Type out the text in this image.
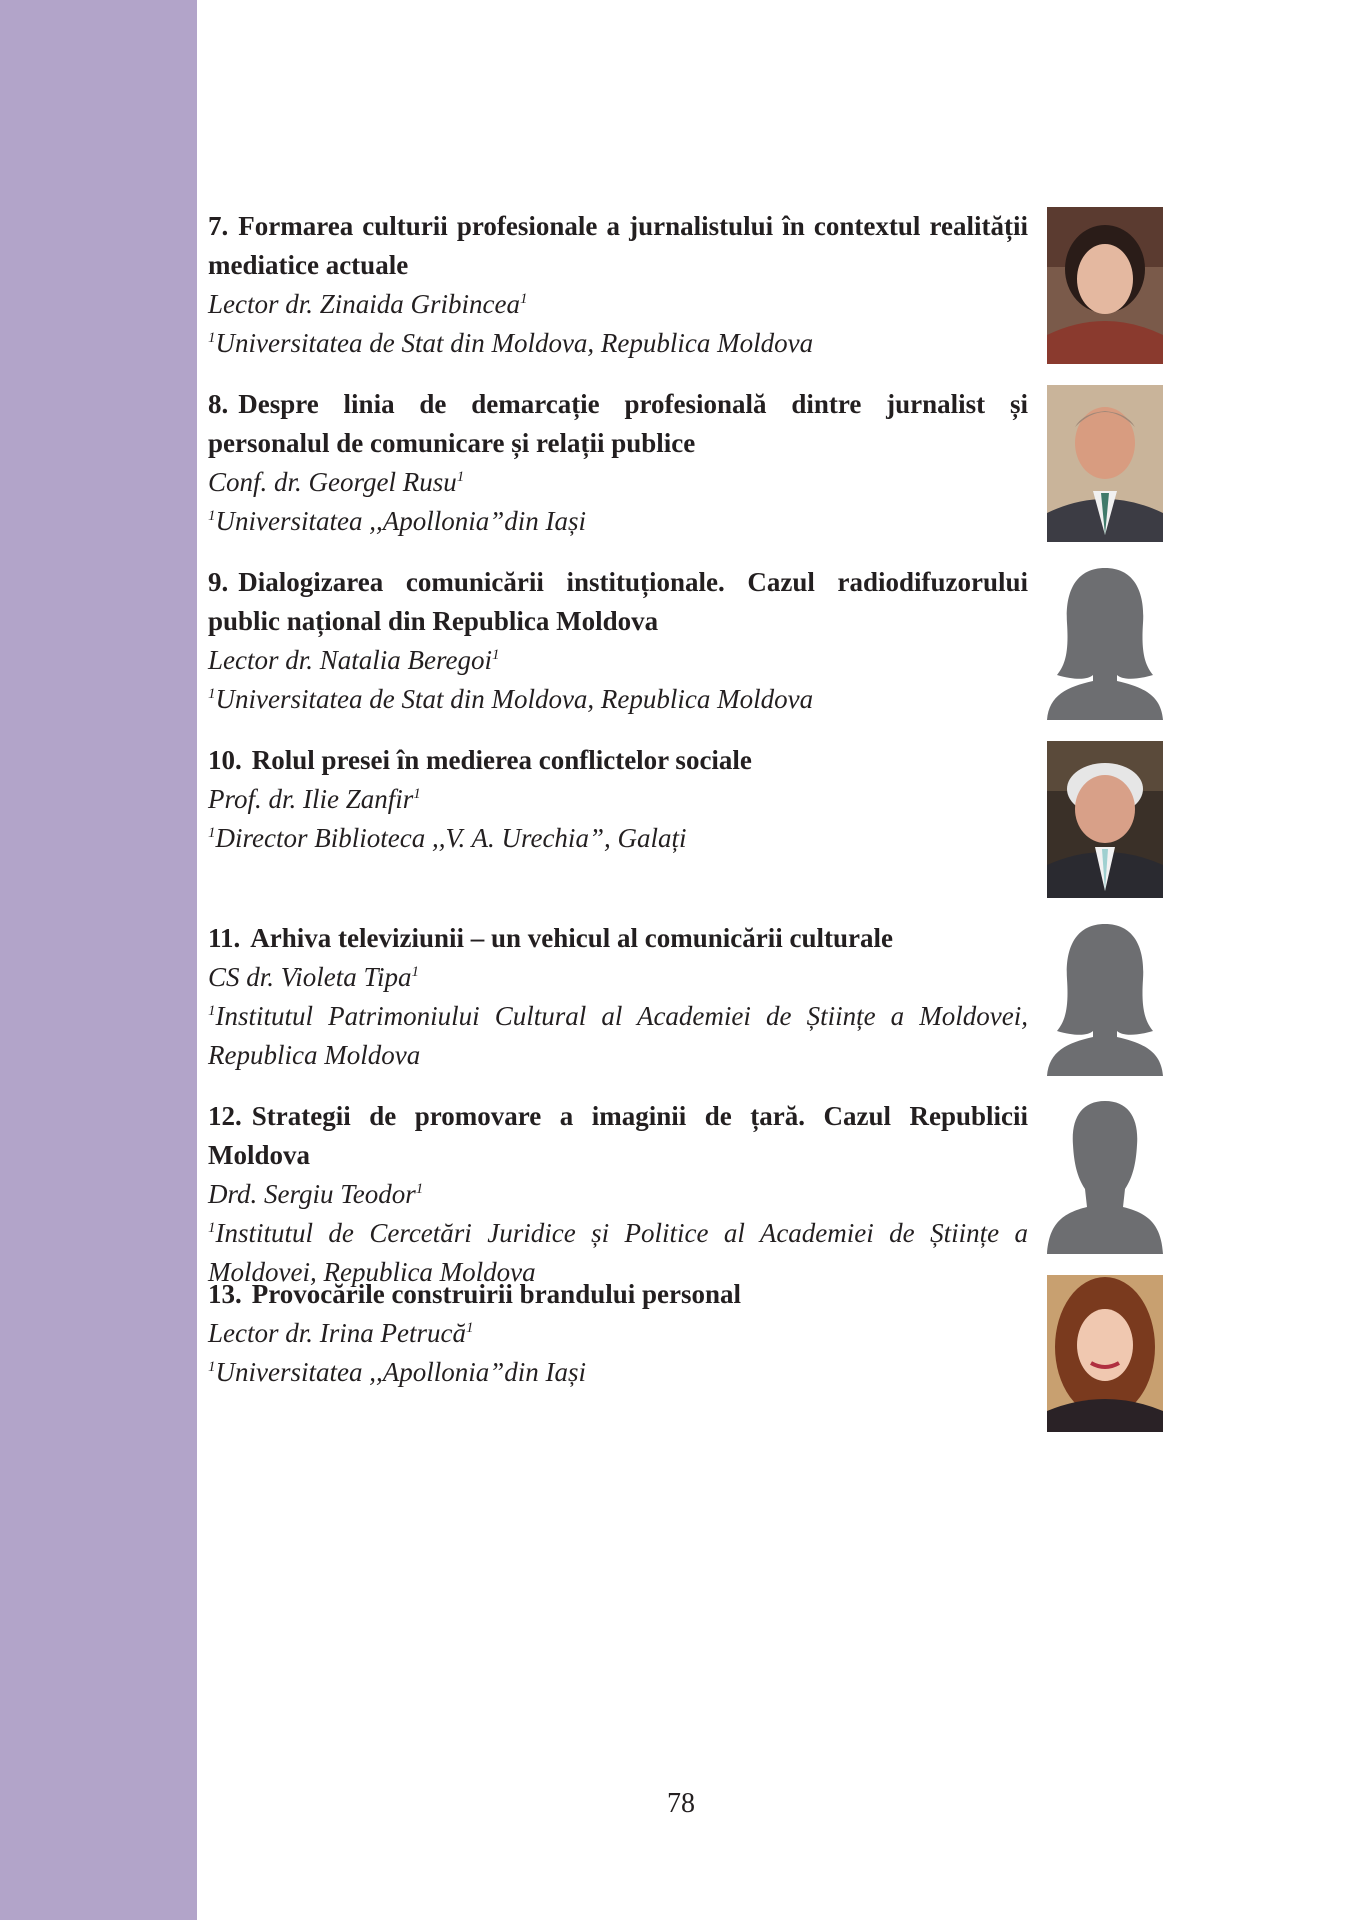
7. Formarea culturii profesionale a jurnalistului în contextul realității mediatice actuale

Lector dr. Zinaida Gribincea$^1$

$^1$Universitatea de Stat din Moldova, Republica Moldova

8. Despre linia de demarcație profesională dintre jurnalist și personalul de comunicare și relații publice

Conf. dr. Georgel Rusu$^1$

$^1$Universitatea ,,Apollonia”din Iași

9. Dialogizarea comunicării instituționale. Cazul radiodifuzorului public național din Republica Moldova

Lector dr. Natalia Beregoi$^1$

$^1$Universitatea de Stat din Moldova, Republica Moldova

10. Rolul presei în medierea conflictelor sociale

Prof. dr. Ilie Zanfir$^1$

$^1$Director Biblioteca ,,V. A. Urechia”, Galați

11. Arhiva televiziunii – un vehicul al comunicării culturale

CS dr. Violeta Tipa$^1$

$^1$Institutul Patrimoniului Cultural al Academiei de Științe a Moldovei, Republica Moldova

12. Strategii de promovare a imaginii de țară. Cazul Republicii Moldova

Drd. Sergiu Teodor$^1$

$^1$Institutul de Cercetări Juridice și Politice al Academiei de Științe a Moldovei, Republica Moldova

13. Provocările construirii brandului personal

Lector dr. Irina Petrucă$^1$

$^1$Universitatea ,,Apollonia”din Iași

78
